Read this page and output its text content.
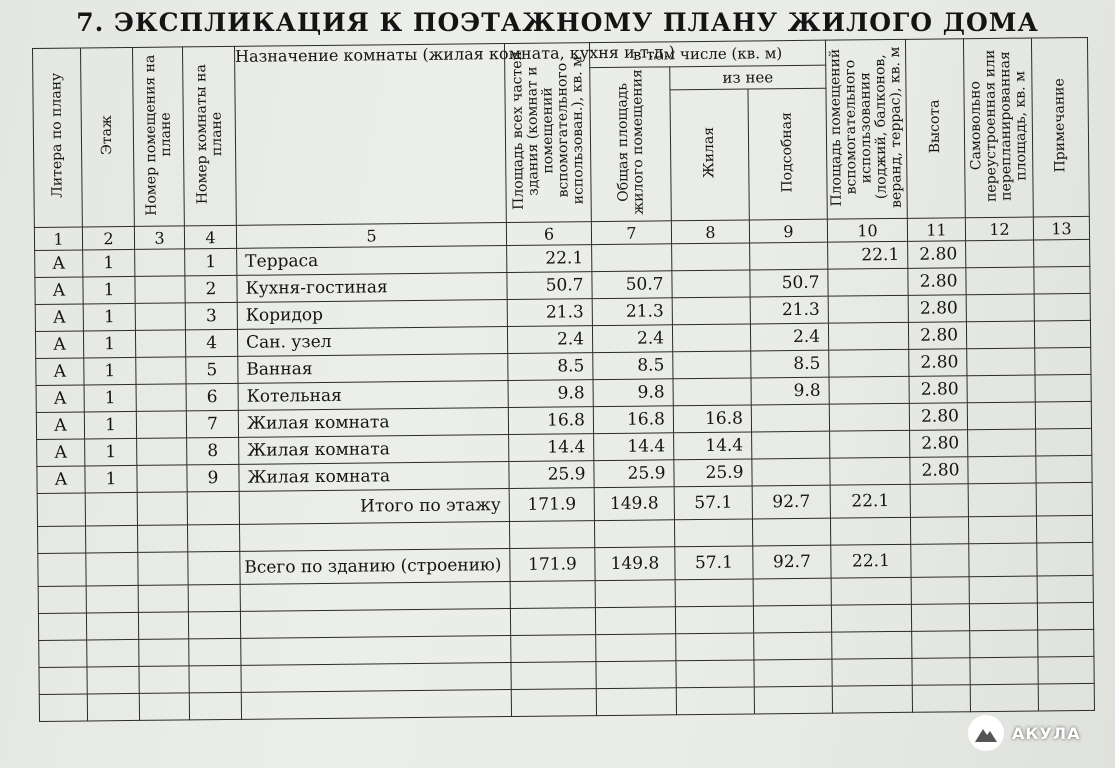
7. ЭКСПЛИКАЦИЯ К ПОЭТАЖНОМУ ПЛАНУ ЖИЛОГО ДОМА
Литера по плану	Этаж	Номер помещения на плане	Номер комнаты на плане	Назначение комнаты (жилая комната, кухня и т.д.)	Площадь всех частей здания (комнат и помещений вспомогательного использован.), кв. м	в том числе (кв. м)			Площадь помещений вспомогательного использования (лоджий, балконов, веранд, террас), кв. м	Высота	Самовольно переустроенная или перепланированная площадь, кв. м	Примечание
						Общая площадь жилого помещения	из нее					
							Жилая	Подсобная				
1	2	3	4	5	6	7	8	9	10	11	12	13
А	1		1	Терраса	22.1				22.1	2.80		
А	1		2	Кухня-гостиная	50.7	50.7		50.7		2.80		
А	1		3	Коридор	21.3	21.3		21.3		2.80		
А	1		4	Сан. узел	2.4	2.4		2.4		2.80		
А	1		5	Ванная	8.5	8.5		8.5		2.80		
А	1		6	Котельная	9.8	9.8		9.8		2.80		
А	1		7	Жилая комната	16.8	16.8	16.8			2.80		
А	1		8	Жилая комната	14.4	14.4	14.4			2.80		
А	1		9	Жилая комната	25.9	25.9	25.9			2.80		
				Итого по этажу	171.9	149.8	57.1	92.7	22.1			

				Всего по зданию (строению)	171.9	149.8	57.1	92.7	22.1			

АКУЛА
